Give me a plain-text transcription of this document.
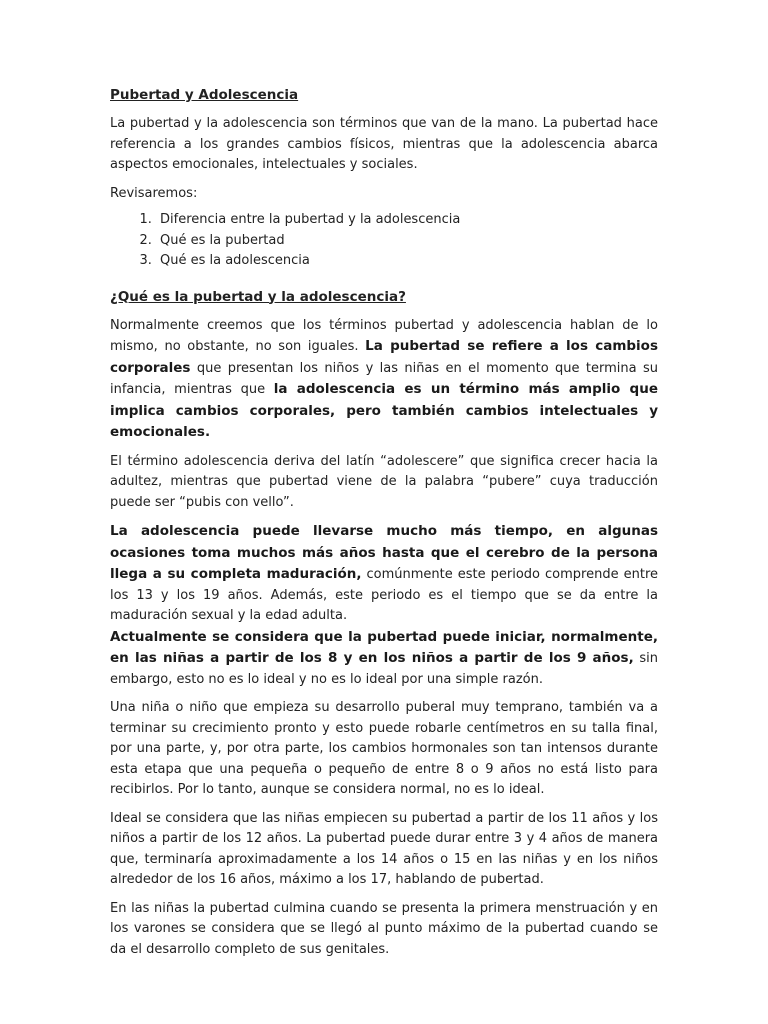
Pubertad y Adolescencia

La pubertad y la adolescencia son términos que van de la mano. La pubertad hace referencia a los grandes cambios físicos, mientras que la adolescencia abarca aspectos emocionales, intelectuales y sociales.

Revisaremos:

1. Diferencia entre la pubertad y la adolescencia
2. Qué es la pubertad
3. Qué es la adolescencia
¿Qué es la pubertad y la adolescencia?

Normalmente creemos que los términos pubertad y adolescencia hablan de lo mismo, no obstante, no son iguales. La pubertad se refiere a los cambios corporales que presentan los niños y las niñas en el momento que termina su infancia, mientras que la adolescencia es un término más amplio que implica cambios corporales, pero también cambios intelectuales y emocionales.

El término adolescencia deriva del latín “adolescere” que significa crecer hacia la adultez, mientras que pubertad viene de la palabra “pubere” cuya traducción puede ser “pubis con vello”.

La adolescencia puede llevarse mucho más tiempo, en algunas ocasiones toma muchos más años hasta que el cerebro de la persona llega a su completa maduración, comúnmente este periodo comprende entre los 13 y los 19 años. Además, este periodo es el tiempo que se da entre la maduración sexual y la edad adulta.

Actualmente se considera que la pubertad puede iniciar, normalmente, en las niñas a partir de los 8 y en los niños a partir de los 9 años, sin embargo, esto no es lo ideal y no es lo ideal por una simple razón.

Una niña o niño que empieza su desarrollo puberal muy temprano, también va a terminar su crecimiento pronto y esto puede robarle centímetros en su talla final, por una parte, y, por otra parte, los cambios hormonales son tan intensos durante esta etapa que una pequeña o pequeño de entre 8 o 9 años no está listo para recibirlos. Por lo tanto, aunque se considera normal, no es lo ideal.

Ideal se considera que las niñas empiecen su pubertad a partir de los 11 años y los niños a partir de los 12 años. La pubertad puede durar entre 3 y 4 años de manera que, terminaría aproximadamente a los 14 años o 15 en las niñas y en los niños alrededor de los 16 años, máximo a los 17, hablando de pubertad.

En las niñas la pubertad culmina cuando se presenta la primera menstruación y en los varones se considera que se llegó al punto máximo de la pubertad cuando se da el desarrollo completo de sus genitales.
